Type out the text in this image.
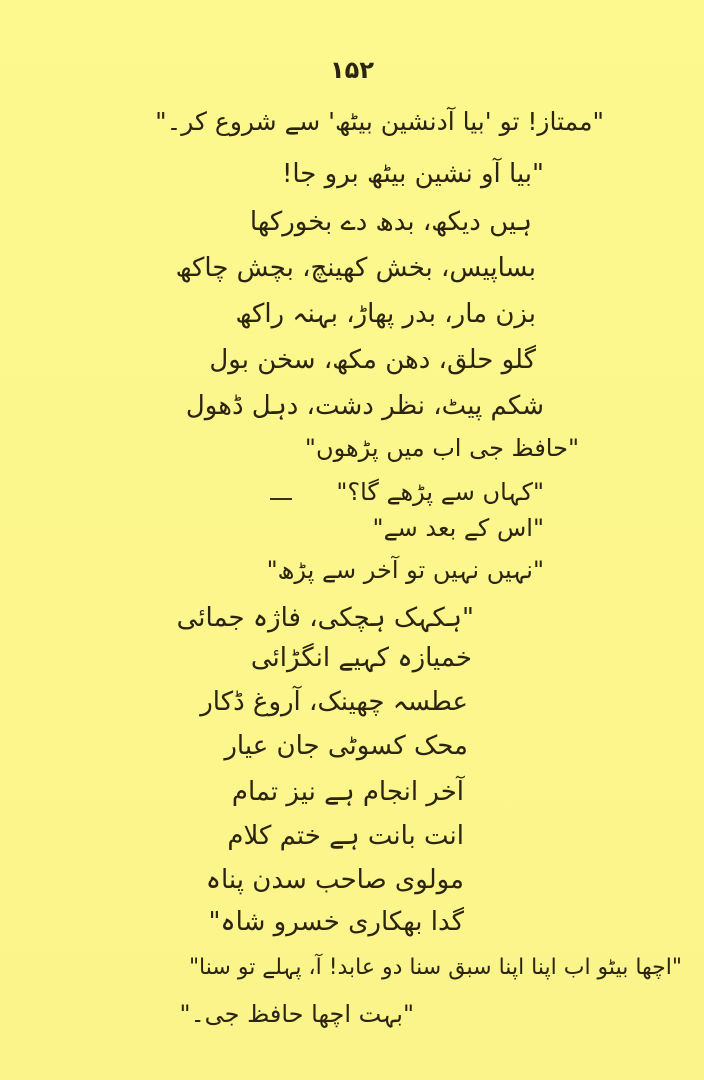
۱۵۲
"ممتاز! تو 'بیا آدنشین بیٹھ' سے شروع کر۔"
"بیا آو نشین بیٹھ برو جا!
ہیں دیکھ، بدھ دے بخورکھا
بساپیس، بخش کھینچ، بچش چاکھ
بزن مار، بدر پھاڑ، بہنہ راکھ
گلو حلق، دھن مکھ، سخن بول
شکم پیٹ، نظر دشت، دہل ڈھول
"حافظ جی اب میں پڑھوں"
"کہاں سے پڑھے گا؟"
"اس کے بعد سے"
"نہیں نہیں تو آخر سے پڑھ"
"ہکہک ہچکی، فاژہ جمائی
خمیازہ کہیے انگڑائی
عطسہ چھینک، آروغ ڈکار
محک کسوٹی جان عیار
آخر انجام ہے نیز تمام
انت بانت ہے ختم کلام
مولوی صاحب سدن پناہ
گدا بھکاری خسرو شاہ"
"اچھا بیٹو اب اپنا اپنا سبق سنا دو عابد! آ، پہلے تو سنا"
"بہت اچھا حافظ جی۔"
